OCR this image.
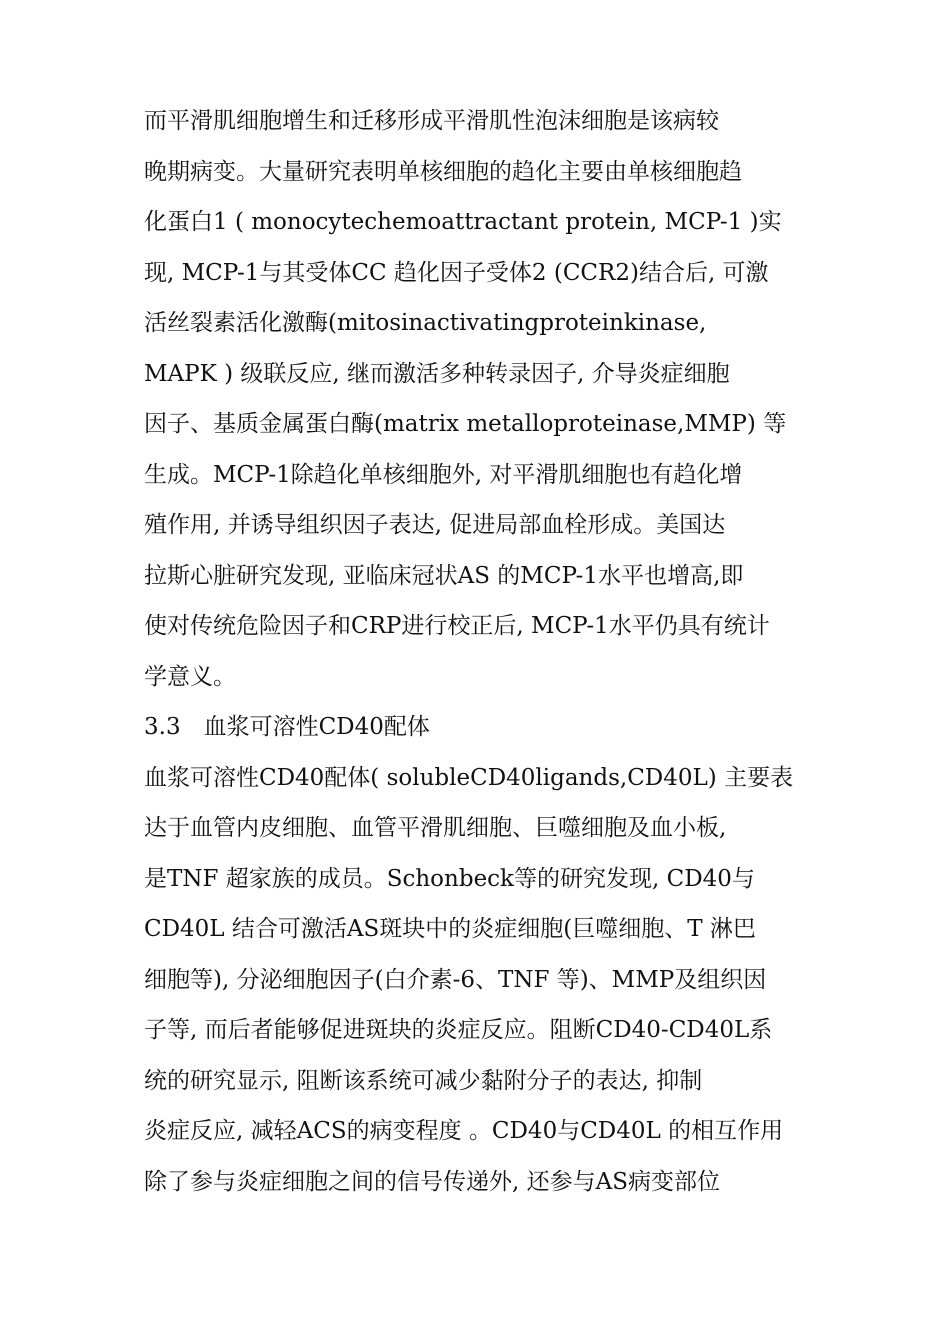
而平滑肌细胞增生和迁移形成平滑肌性泡沫细胞是该病较
晚期病变。大量研究表明单核细胞的趋化主要由单核细胞趋
化蛋白1 ( monocytechemoattractant protein, MCP-1 )实
现, MCP-1与其受体CC 趋化因子受体2 (CCR2)结合后, 可激
活丝裂素活化激酶(mitosinactivatingproteinkinase,
MAPK ) 级联反应, 继而激活多种转录因子, 介导炎症细胞
因子、基质金属蛋白酶(matrix metalloproteinase,MMP) 等
生成。MCP-1除趋化单核细胞外, 对平滑肌细胞也有趋化增
殖作用, 并诱导组织因子表达, 促进局部血栓形成。美国达
拉斯心脏研究发现, 亚临床冠状AS 的MCP-1水平也增高,即
使对传统危险因子和CRP进行校正后, MCP-1水平仍具有统计
学意义。
3.3　血浆可溶性CD40配体
血浆可溶性CD40配体( solubleCD40ligands,CD40L) 主要表
达于血管内皮细胞、血管平滑肌细胞、巨噬细胞及血小板,
是TNF 超家族的成员。Schonbeck等的研究发现, CD40与
CD40L 结合可激活AS斑块中的炎症细胞(巨噬细胞、T 淋巴
细胞等), 分泌细胞因子(白介素-6、TNF 等)、MMP及组织因
子等, 而后者能够促进斑块的炎症反应。阻断CD40-CD40L系
统的研究显示, 阻断该系统可减少黏附分子的表达, 抑制
炎症反应, 减轻ACS的病变程度 。CD40与CD40L 的相互作用
除了参与炎症细胞之间的信号传递外, 还参与AS病变部位
